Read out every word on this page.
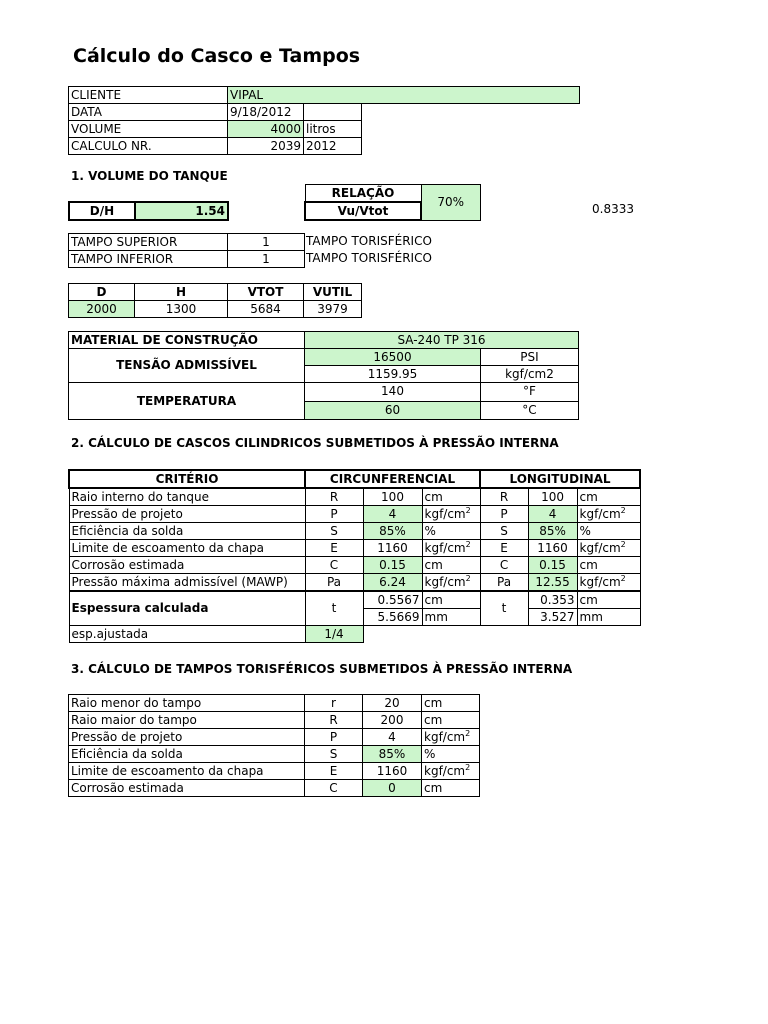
Cálculo do Casco e Tampos
CLIENTE	VIPAL		
DATA	9/18/2012		
VOLUME	4000	litros	
CALCULO NR.	2039	2012	
1. VOLUME DO TANQUE
D/H	1.54
RELAÇÃO	70%
Vu/Vtot	0.8333
TAMPO SUPERIOR	1
TAMPO INFERIOR	1
TAMPO TORISFÉRICO
TAMPO TORISFÉRICO
D	H	VTOT	VUTIL
2000	1300	5684	3979
MATERIAL DE CONSTRUÇÃO	SA-240 TP 316	
TENSÃO ADMISSÍVEL	16500	PSI
	1159.95	kgf/cm2
TEMPERATURA	140	°F
	60	°C
2. CÁLCULO DE CASCOS CILINDRICOS SUBMETIDOS À PRESSÃO INTERNA
CRITÉRIO	CIRCUNFERENCIAL			LONGITUDINAL		
Raio interno do tanque	R	100	cm	R	100	cm
Pressão de projeto	P	4	kgf/$cm^2$	P	4	kgf/$cm^2$
Eficiência da solda	S	85%	%	S	85%	%
Limite de escoamento da chapa	E	1160	kgf/$cm^2$	E	1160	kgf/$cm^2$
Corrosão estimada	C	0.15	cm	C	0.15	cm
Pressão máxima admissível (MAWP)	Pa	6.24	kgf/$cm^2$	Pa	12.55	kgf/$cm^2$
Espessura calculada	t	0.5567	cm	t	0.353	cm
		5.5669	mm		3.527	mm
esp.ajustada	1/4					
3. CÁLCULO DE TAMPOS TORISFÉRICOS SUBMETIDOS À PRESSÃO INTERNA
Raio menor do tampo	r	20	cm
Raio maior do tampo	R	200	cm
Pressão de projeto	P	4	kgf/$cm^2$
Eficiência da solda	S	85%	%
Limite de escoamento da chapa	E	1160	kgf/$cm^2$
Corrosão estimada	C	0	cm
